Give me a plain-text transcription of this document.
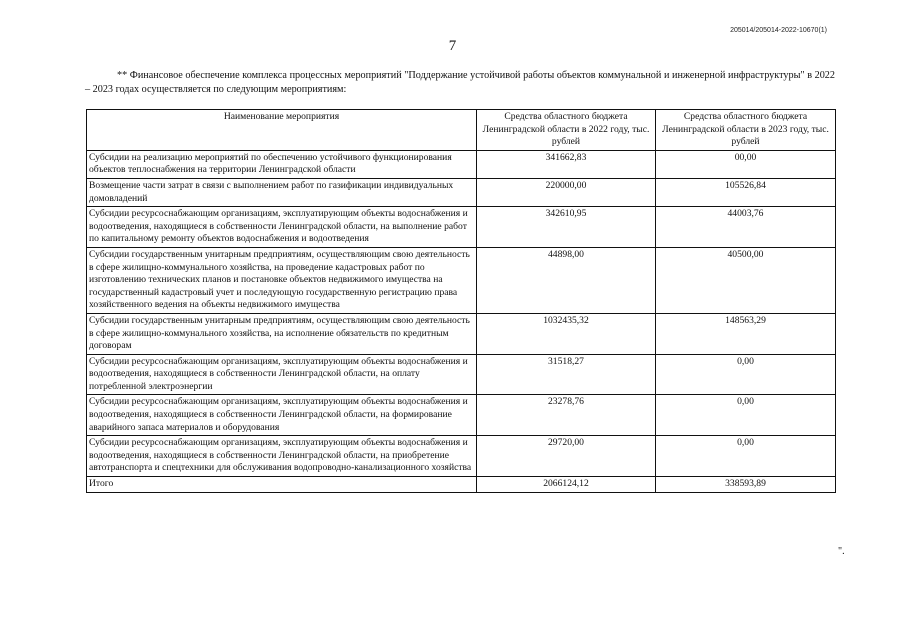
205014/205014-2022-10670(1)
7
** Финансовое обеспечение комплекса процессных мероприятий "Поддержание устойчивой работы объектов коммунальной и инженерной инфраструктуры" в 2022 – 2023 годах осуществляется по следующим мероприятиям:
Наименование мероприятия	Средства областного бюджета Ленинградской области в 2022 году, тыс. рублей	Средства областного бюджета Ленинградской области в 2023 году, тыс. рублей
Субсидии на реализацию мероприятий по обеспечению устойчивого функционирования объектов теплоснабжения на территории Ленинградской области	341662,83	00,00
Возмещение части затрат в связи с выполнением работ по газификации индивидуальных домовладений	220000,00	105526,84
Субсидии ресурсоснабжающим организациям, эксплуатирующим объекты водоснабжения и водоотведения, находящиеся в собственности Ленинградской области, на выполнение работ по капитальному ремонту объектов водоснабжения и водоотведения	342610,95	44003,76
Субсидии государственным унитарным предприятиям, осуществляющим свою деятельность в сфере жилищно-коммунального хозяйства, на проведение кадастровых работ по изготовлению технических планов и постановке объектов недвижимого имущества на государственный кадастровый учет и последующую государственную регистрацию права хозяйственного ведения на объекты недвижимого имущества	44898,00	40500,00
Субсидии государственным унитарным предприятиям, осуществляющим свою деятельность в сфере жилищно-коммунального хозяйства, на исполнение обязательств по кредитным договорам	1032435,32	148563,29
Субсидии ресурсоснабжающим организациям, эксплуатирующим объекты водоснабжения и водоотведения, находящиеся в собственности Ленинградской области, на оплату потребленной электроэнергии	31518,27	0,00
Субсидии ресурсоснабжающим организациям, эксплуатирующим объекты водоснабжения и водоотведения, находящиеся в собственности Ленинградской области, на формирование аварийного запаса материалов и оборудования	23278,76	0,00
Субсидии ресурсоснабжающим организациям, эксплуатирующим объекты водоснабжения и водоотведения, находящиеся в собственности Ленинградской области, на приобретение автотранспорта и спецтехники для обслуживания водопроводно-канализационного хозяйства	29720,00	0,00
Итого	2066124,12	338593,89
".
